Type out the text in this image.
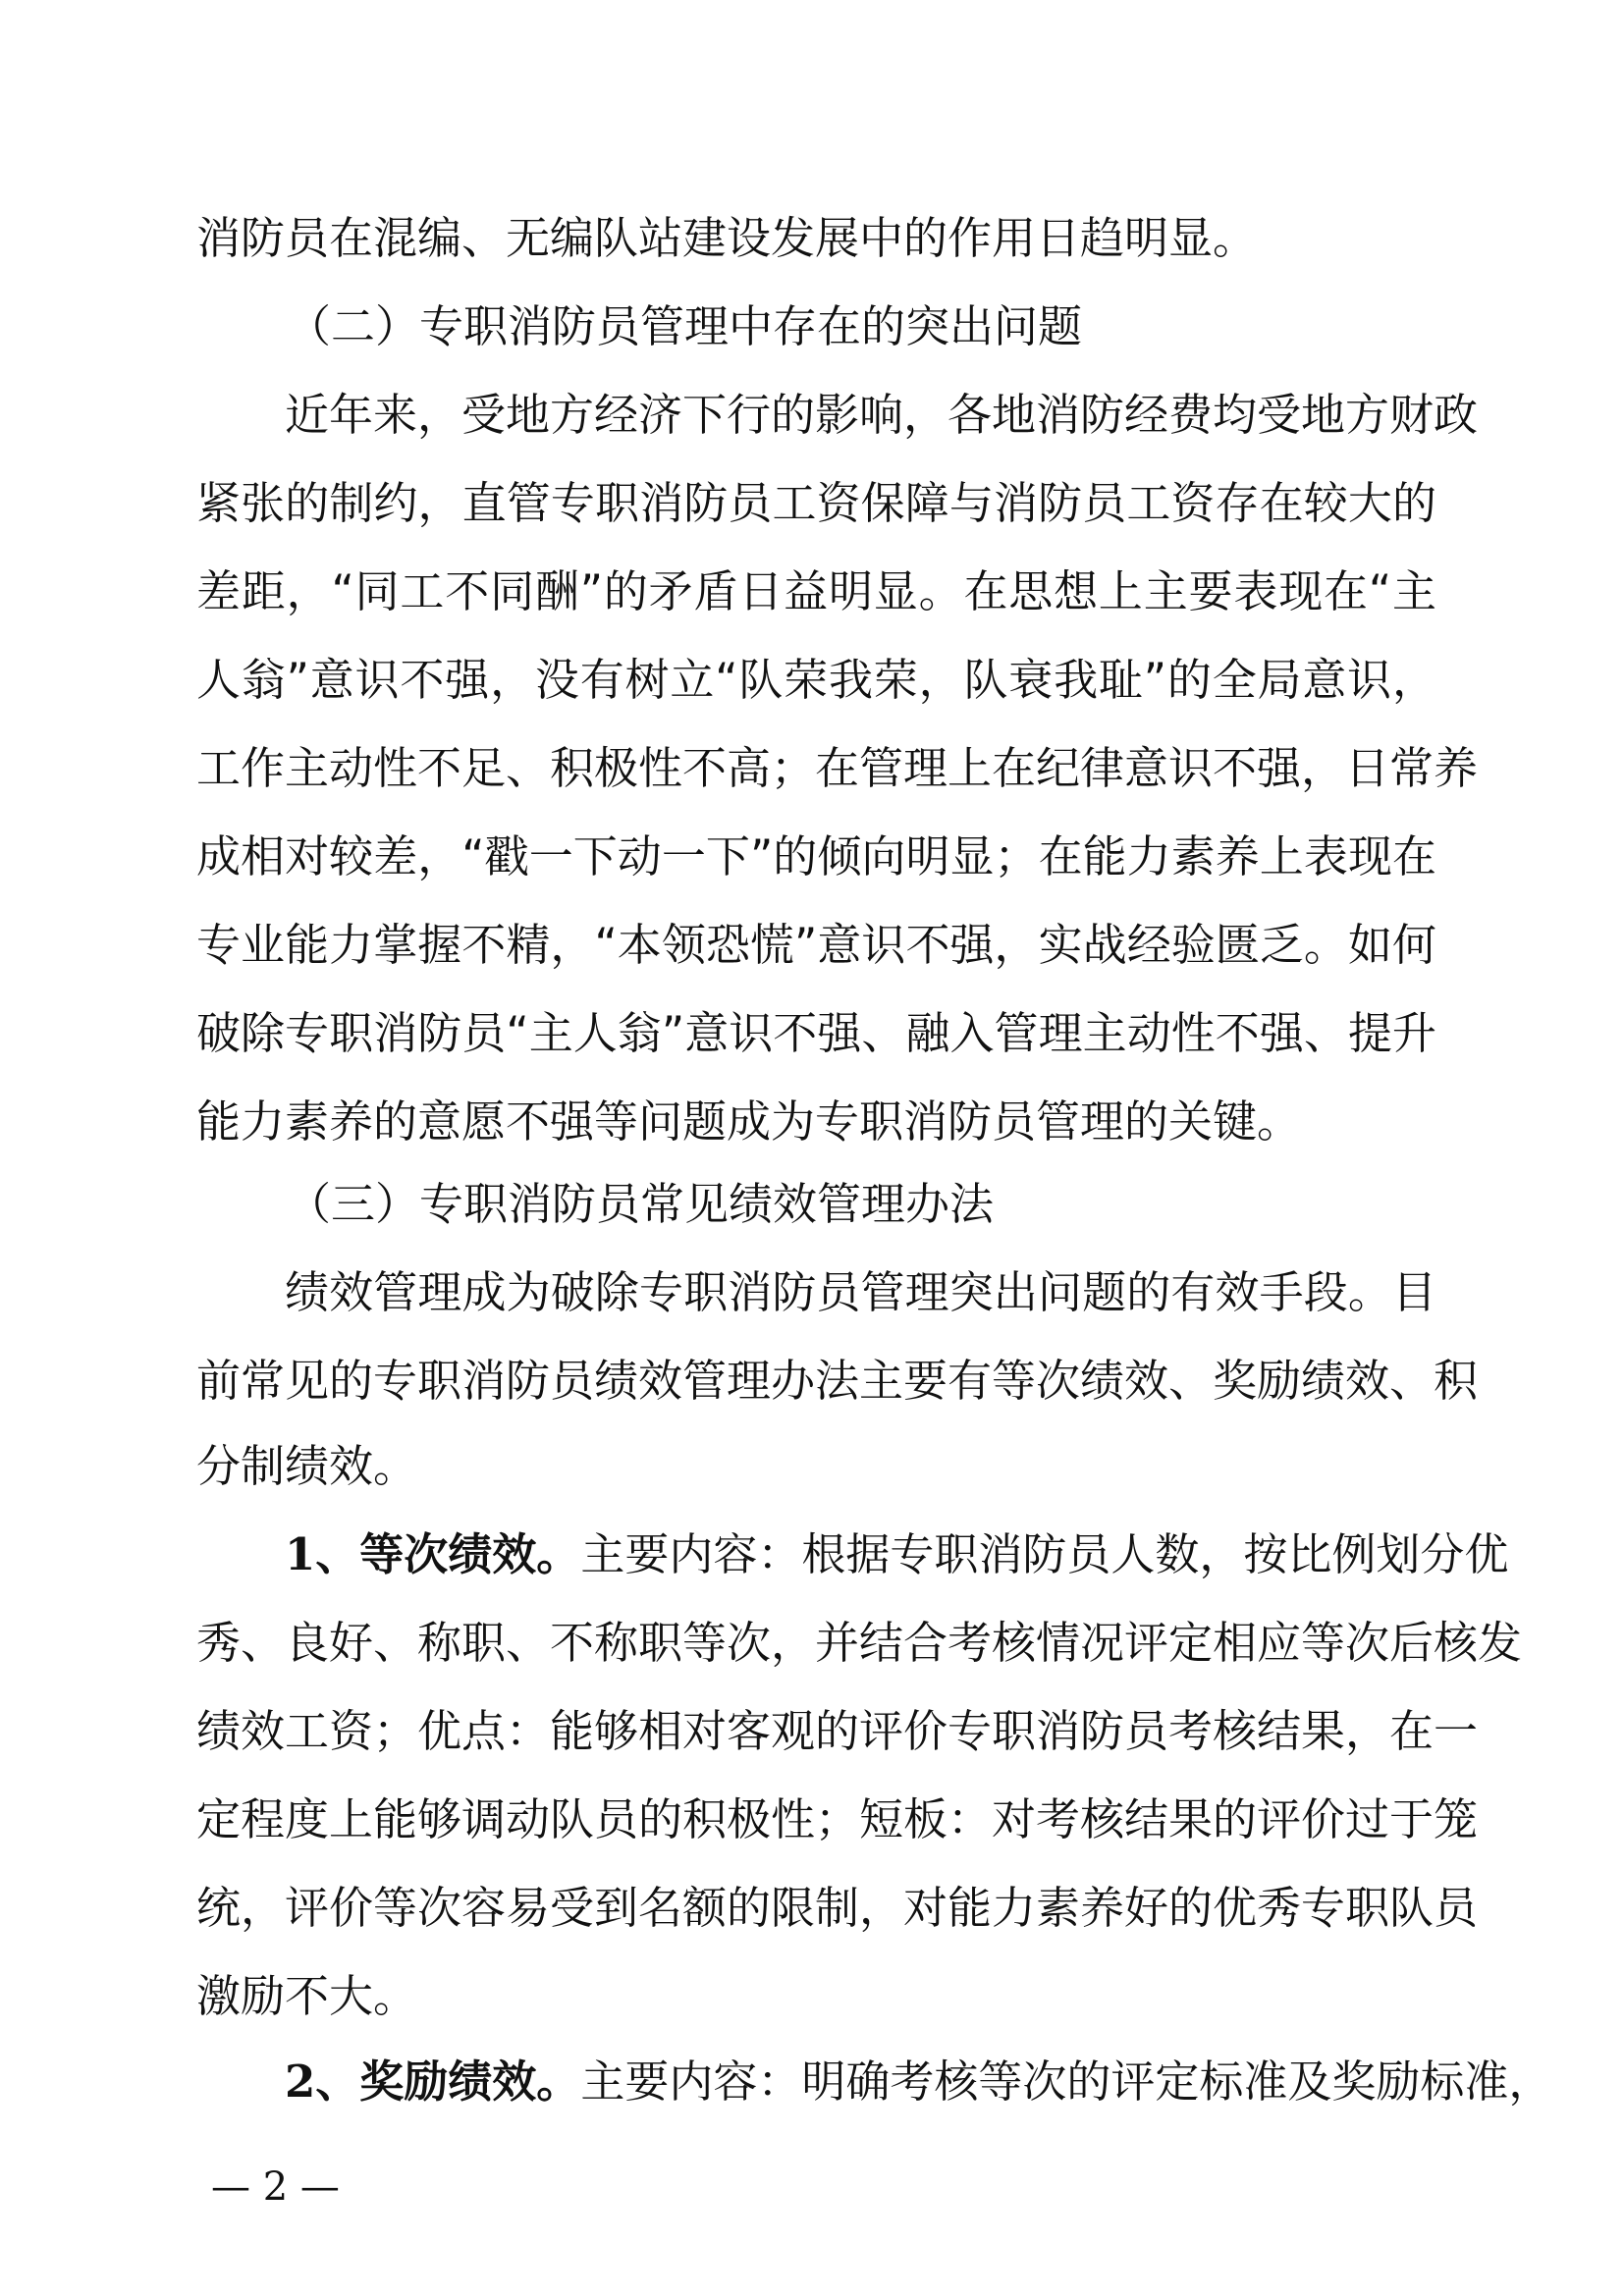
消防员在混编、无编队站建设发展中的作用日趋明显。
（二）专职消防员管理中存在的突出问题
近年来，受地方经济下行的影响，各地消防经费均受地方财政
紧张的制约，直管专职消防员工资保障与消防员工资存在较大的
差距，“同工不同酬”的矛盾日益明显。在思想上主要表现在“主
人翁”意识不强，没有树立“队荣我荣，队衰我耻”的全局意识，
工作主动性不足、积极性不高；在管理上在纪律意识不强，日常养
成相对较差，“戳一下动一下”的倾向明显；在能力素养上表现在
专业能力掌握不精，“本领恐慌”意识不强，实战经验匮乏。如何
破除专职消防员“主人翁”意识不强、融入管理主动性不强、提升
能力素养的意愿不强等问题成为专职消防员管理的关键。
（三）专职消防员常见绩效管理办法
绩效管理成为破除专职消防员管理突出问题的有效手段。目
前常见的专职消防员绩效管理办法主要有等次绩效、奖励绩效、积
分制绩效。
1、等次绩效。 主要内容：根据专职消防员人数，按比例划分优
秀、良好、称职、不称职等次，并结合考核情况评定相应等次后核发
绩效工资；优点：能够相对客观的评价专职消防员考核结果，在一
定程度上能够调动队员的积极性；短板：对考核结果的评价过于笼
统，评价等次容易受到名额的限制，对能力素养好的优秀专职队员
激励不大。
2、奖励绩效。 主要内容：明确考核等次的评定标准及奖励标准，
— 2 —
